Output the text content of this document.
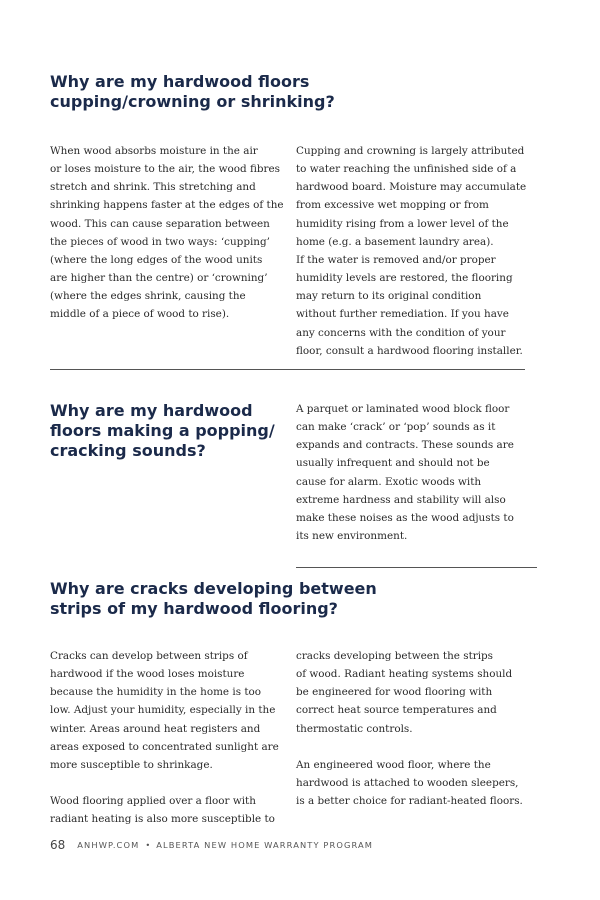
Why are my hardwood floors
cupping/crowning or shrinking?
When wood absorbs moisture in the air
or loses moisture to the air, the wood fibres
stretch and shrink. This stretching and
shrinking happens faster at the edges of the
wood. This can cause separation between
the pieces of wood in two ways: ‘cupping’
(where the long edges of the wood units
are higher than the centre) or ‘crowning’
(where the edges shrink, causing the
middle of a piece of wood to rise).
Cupping and crowning is largely attributed
to water reaching the unfinished side of a
hardwood board. Moisture may accumulate
from excessive wet mopping or from
humidity rising from a lower level of the
home (e.g. a basement laundry area).
If the water is removed and/or proper
humidity levels are restored, the flooring
may return to its original condition
without further remediation. If you have
any concerns with the condition of your
floor, consult a hardwood flooring installer.
Why are my hardwood
floors making a popping/
cracking sounds?
A parquet or laminated wood block floor
can make ‘crack’ or ‘pop’ sounds as it
expands and contracts. These sounds are
usually infrequent and should not be
cause for alarm. Exotic woods with
extreme hardness and stability will also
make these noises as the wood adjusts to
its new environment.
Why are cracks developing between
strips of my hardwood flooring?
Cracks can develop between strips of
hardwood if the wood loses moisture
because the humidity in the home is too
low. Adjust your humidity, especially in the
winter. Areas around heat registers and
areas exposed to concentrated sunlight are
more susceptible to shrinkage.

Wood flooring applied over a floor with
radiant heating is also more susceptible to
cracks developing between the strips
of wood. Radiant heating systems should
be engineered for wood flooring with
correct heat source temperatures and
thermostatic controls.

An engineered wood floor, where the
hardwood is attached to wooden sleepers,
is a better choice for radiant-heated floors.
68 ANHWP.COM • ALBERTA NEW HOME WARRANTY PROGRAM
